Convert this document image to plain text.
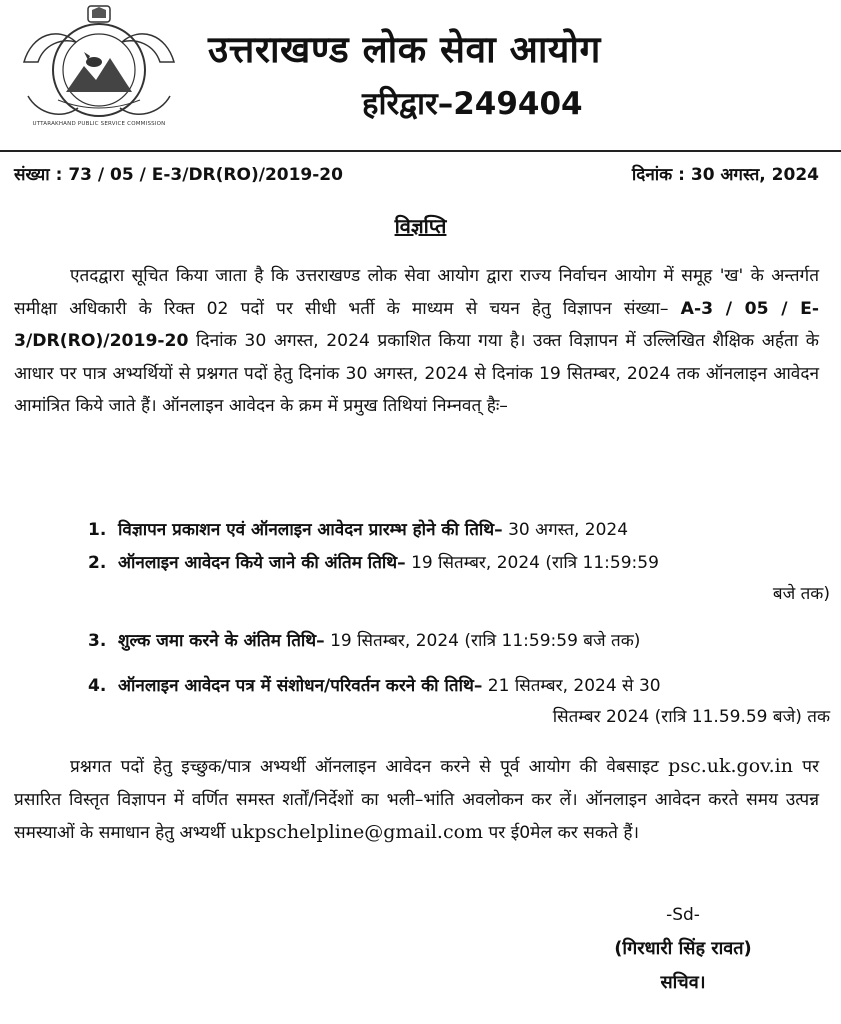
UTTARAKHAND PUBLIC SERVICE COMMISSION
उत्तराखण्ड लोक सेवा आयोग
हरिद्वार–249404
संख्या : 73 / 05 / E-3/DR(RO)/2019-20	दिनांक : 30 अगस्त, 2024
विज्ञप्ति
एतदद्वारा सूचित किया जाता है कि उत्तराखण्ड लोक सेवा आयोग द्वारा राज्य निर्वाचन आयोग में समूह 'ख' के अन्तर्गत समीक्षा अधिकारी के रिक्त 02 पदों पर सीधी भर्ती के माध्यम से चयन हेतु विज्ञापन संख्या– A-3 / 05 / E-3/DR(RO)/2019-20 दिनांक 30 अगस्त, 2024 प्रकाशित किया गया है। उक्त विज्ञापन में उल्लिखित शैक्षिक अर्हता के आधार पर पात्र अभ्यर्थियों से प्रश्नगत पदों हेतु दिनांक 30 अगस्त, 2024 से दिनांक 19 सितम्बर, 2024 तक ऑनलाइन आवेदन आमांत्रित किये जाते हैं। ऑनलाइन आवेदन के क्रम में प्रमुख तिथियां निम्नवत् हैः–
1. विज्ञापन प्रकाशन एवं ऑनलाइन आवेदन प्रारम्भ होने की तिथि– 30 अगस्त, 2024
2. ऑनलाइन आवेदन किये जाने की अंतिम तिथि– 19 सितम्बर, 2024 (रात्रि 11:59:59
बजे तक)
3. शुल्क जमा करने के अंतिम तिथि– 19 सितम्बर, 2024 (रात्रि 11:59:59 बजे तक)
4. ऑनलाइन आवेदन पत्र में संशोधन/परिवर्तन करने की तिथि– 21 सितम्बर, 2024 से 30
सितम्बर 2024 (रात्रि 11.59.59 बजे) तक
प्रश्नगत पदों हेतु इच्छुक/पात्र अभ्यर्थी ऑनलाइन आवेदन करने से पूर्व आयोग की वेबसाइट psc.uk.gov.in पर प्रसारित विस्तृत विज्ञापन में वर्णित समस्त शर्तों/निर्देशों का भली–भांति अवलोकन कर लें। ऑनलाइन आवेदन करते समय उत्पन्न समस्याओं के समाधान हेतु अभ्यर्थी ukpschelpline@gmail.com पर ई0मेल कर सकते हैं।
-Sd-
(गिरधारी सिंह रावत)
सचिव।
